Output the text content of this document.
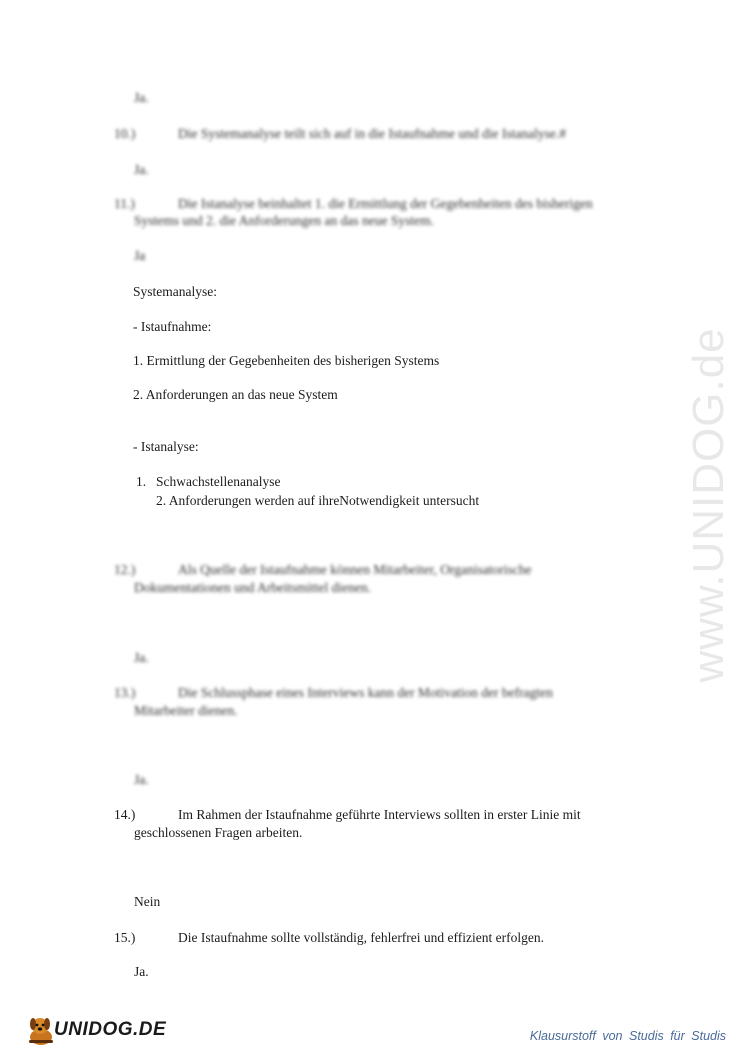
www.UNIDOG.de

Ja.

10.)	Die Systemanalyse teilt sich auf in die Istaufnahme und die Istanalyse.#

Ja.

11.)	Die Istanalyse beinhaltet 1. die Ermittlung der Gegebenheiten des bisherigen

Systems und 2. die Anforderungen an das neue System.

Ja

Systemanalyse:

- Istaufnahme:

1. Ermittlung der Gegebenheiten des bisherigen Systems

2. Anforderungen an das neue System

- Istanalyse:

1. Schwachstellenanalyse

2. Anforderungen werden auf ihreNotwendigkeit untersucht

12.)	Als Quelle der Istaufnahme können Mitarbeiter, Organisatorische

Dokumentationen und Arbeitsmittel dienen.

Ja.

13.)	Die Schlussphase eines Interviews kann der Motivation der befragten

Mitarbeiter dienen.

Ja.

14.)	Im Rahmen der Istaufnahme geführte Interviews sollten in erster Linie mit

geschlossenen Fragen arbeiten.

Nein

15.)	Die Istaufnahme sollte vollständig, fehlerfrei und effizient erfolgen.

Ja.

UNIDOG.DE	Klausurstoff von Studis für Studis
